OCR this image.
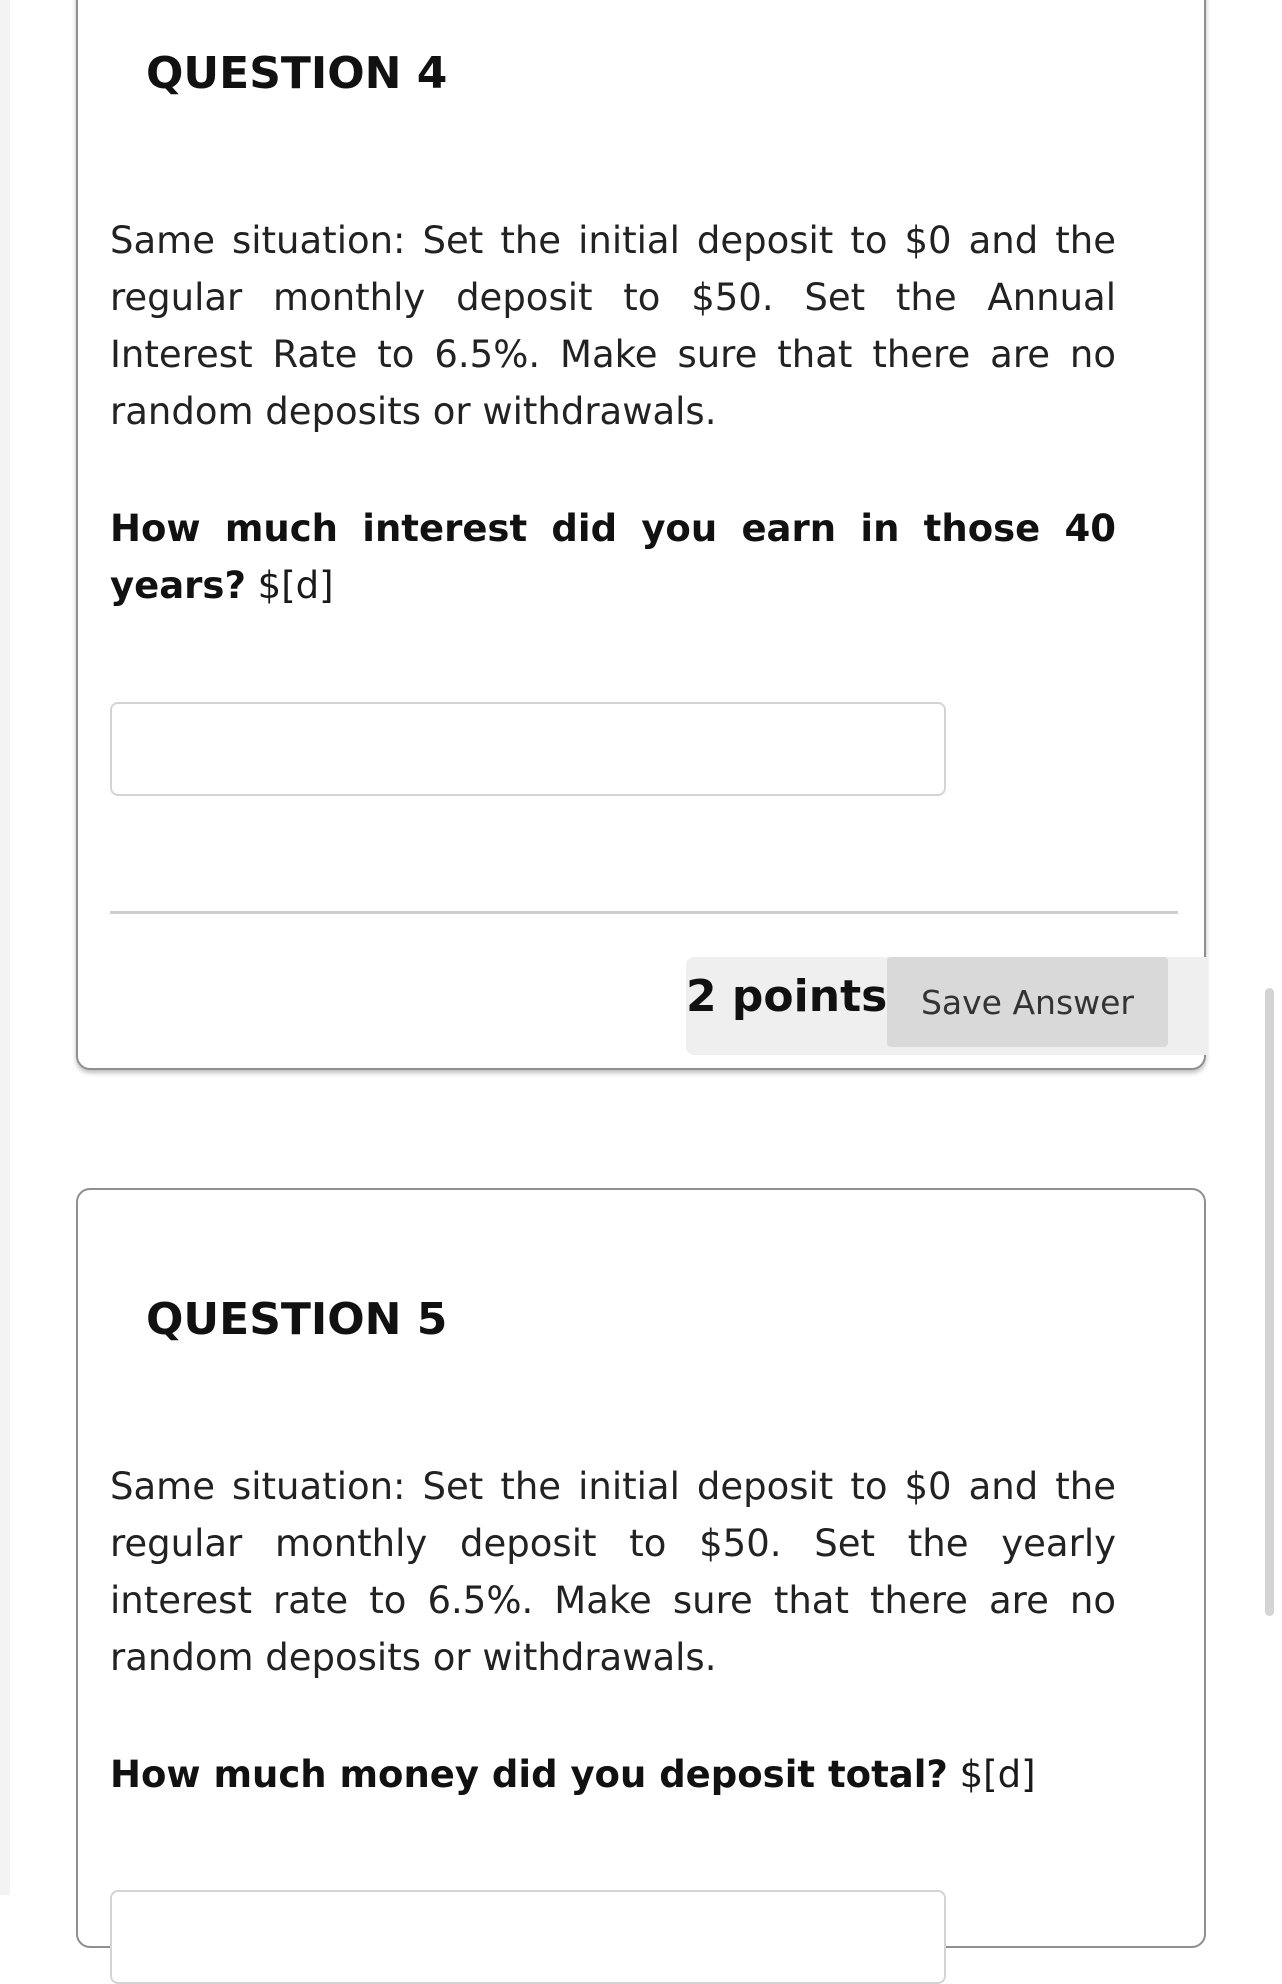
QUESTION 4

Same situation: Set the initial deposit to $0 and the regular monthly deposit to $50. Set the Annual Interest Rate to 6.5%. Make sure that there are no random deposits or withdrawals.

How much interest did you earn in those 40 years? $[d]

2 points	Save Answer
QUESTION 5

Same situation: Set the initial deposit to $0 and the regular monthly deposit to $50. Set the yearly interest rate to 6.5%. Make sure that there are no random deposits or withdrawals.

How much money did you deposit total? $[d]
